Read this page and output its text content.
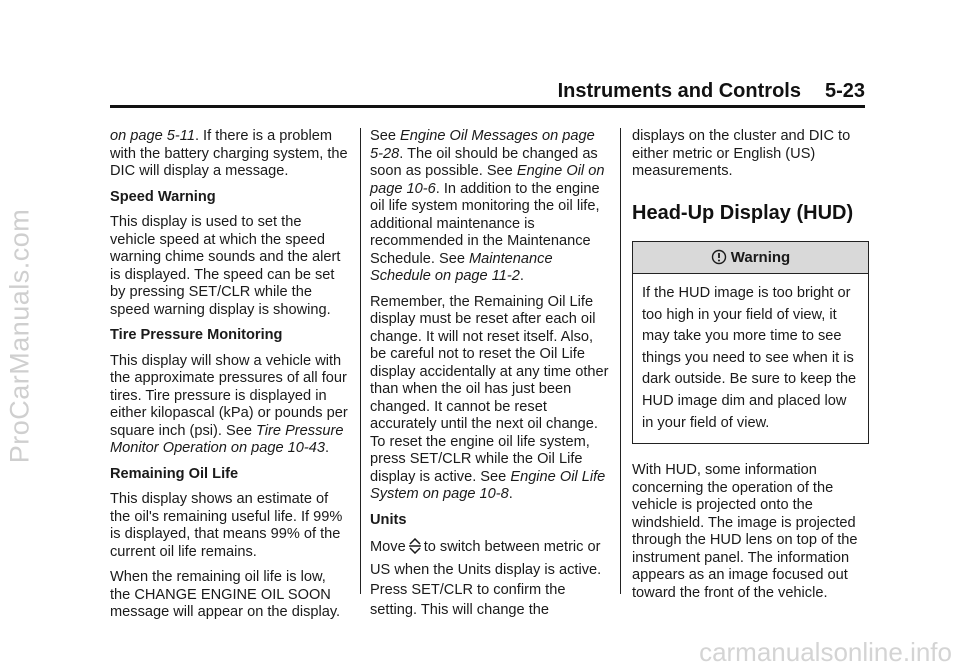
ProCarManuals.com
carmanualsonline.info
Instruments and Controls 5-23

on page 5-11. If there is a problem with the battery charging system, the DIC will display a message.

Speed Warning

This display is used to set the vehicle speed at which the speed warning chime sounds and the alert is displayed. The speed can be set by pressing SET/CLR while the speed warning display is showing.

Tire Pressure Monitoring

This display will show a vehicle with the approximate pressures of all four tires. Tire pressure is displayed in either kilopascal (kPa) or pounds per square inch (psi). See Tire Pressure Monitor Operation on page 10-43.

Remaining Oil Life

This display shows an estimate of the oil's remaining useful life. If 99% is displayed, that means 99% of the current oil life remains.

When the remaining oil life is low, the CHANGE ENGINE OIL SOON message will appear on the display.

See Engine Oil Messages on page 5-28. The oil should be changed as soon as possible. See Engine Oil on page 10-6. In addition to the engine oil life system monitoring the oil life, additional maintenance is recommended in the Maintenance Schedule. See Maintenance Schedule on page 11-2.

Remember, the Remaining Oil Life display must be reset after each oil change. It will not reset itself. Also, be careful not to reset the Oil Life display accidentally at any time other than when the oil has just been changed. It cannot be reset accurately until the next oil change. To reset the engine oil life system, press SET/CLR while the Oil Life display is active. See Engine Oil Life System on page 10-8.

Units

Move to switch between metric or US when the Units display is active. Press SET/CLR to confirm the setting. This will change the

displays on the cluster and DIC to either metric or English (US) measurements.

Head-Up Display (HUD)
Warning
If the HUD image is too bright or too high in your field of view, it may take you more time to see things you need to see when it is dark outside. Be sure to keep the HUD image dim and placed low in your field of view.

With HUD, some information concerning the operation of the vehicle is projected onto the windshield. The image is projected through the HUD lens on top of the instrument panel. The information appears as an image focused out toward the front of the vehicle.
